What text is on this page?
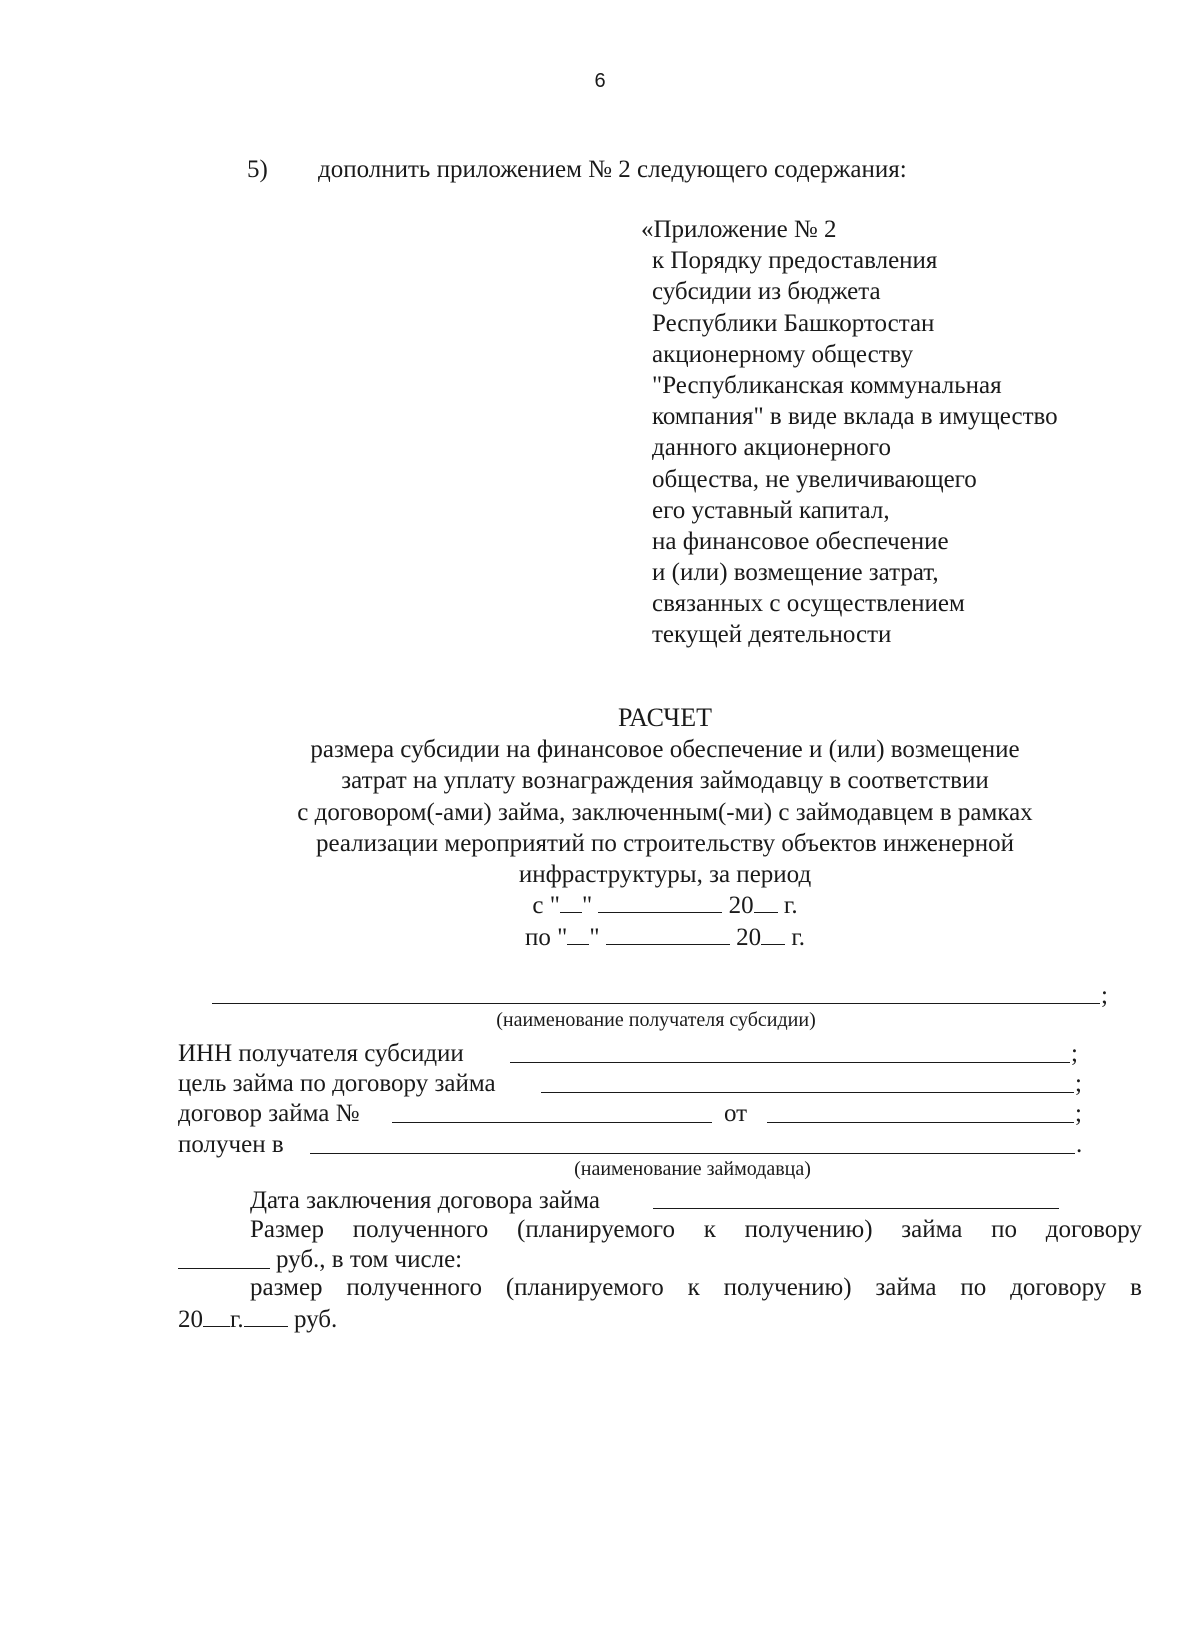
6
5) дополнить приложением № 2 следующего содержания:
«Приложение № 2
к Порядку предоставления
субсидии из бюджета
Республики Башкортостан
акционерному обществу
"Республиканская коммунальная
компания" в виде вклада в имущество
данного акционерного
общества, не увеличивающего
его уставный капитал,
на финансовое обеспечение
и (или) возмещение затрат,
связанных с осуществлением
текущей деятельности
РАСЧЕТ
размера субсидии на финансовое обеспечение и (или) возмещение
затрат на уплату вознаграждения займодавцу в соответствии
с договором(-ами) займа, заключенным(-ми) с займодавцем в рамках
реализации мероприятий по строительству объектов инженерной
инфраструктуры, за период
с " "	20 г.
по " "	20 г.
;
(наименование получателя субсидии)
ИНН получателя субсидии	;
цель займа по договору займа	;
договор займа №	от	;
получен в	.
(наименование займодавца)
Дата заключения договора займа
Размер полученного (планируемого к получению) займа по договору
руб., в том числе:
размер полученного (планируемого к получению) займа по договору в
20 г. руб.
